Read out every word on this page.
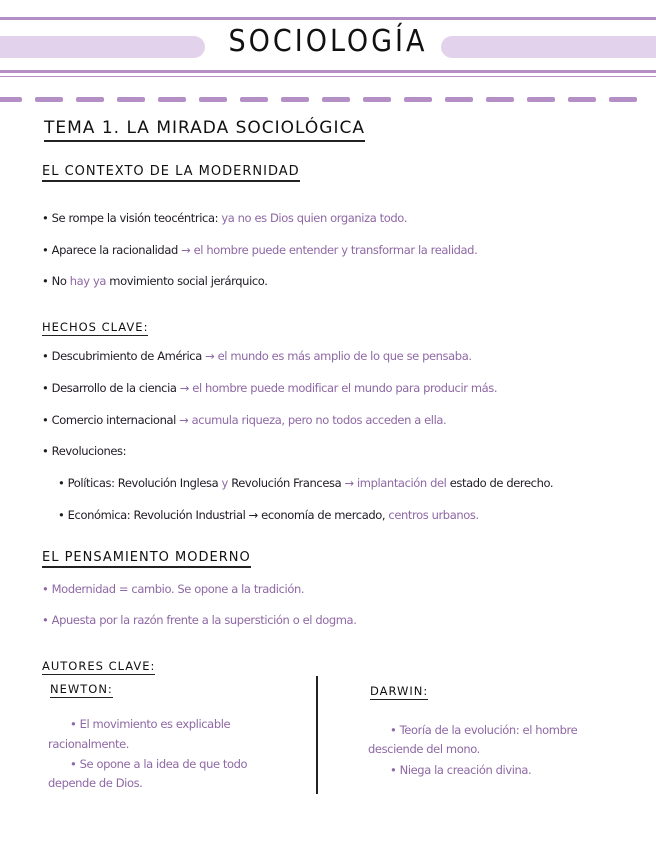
SOCIOLOGÍA
TEMA 1. LA MIRADA SOCIOLÓGICA
EL CONTEXTO DE LA MODERNIDAD
• Se rompe la visión teocéntrica: ya no es Dios quien organiza todo.
• Aparece la racionalidad → el hombre puede entender y transformar la realidad.
• No hay ya movimiento social jerárquico.
HECHOS CLAVE:
• Descubrimiento de América → el mundo es más amplio de lo que se pensaba.
• Desarrollo de la ciencia → el hombre puede modificar el mundo para producir más.
• Comercio internacional → acumula riqueza, pero no todos acceden a ella.
• Revoluciones:
• Políticas: Revolución Inglesa y Revolución Francesa → implantación del estado de derecho.
• Económica: Revolución Industrial → economía de mercado, centros urbanos.
EL PENSAMIENTO MODERNO
• Modernidad = cambio. Se opone a la tradición.
• Apuesta por la razón frente a la superstición o el dogma.
AUTORES CLAVE:
NEWTON:	DARWIN:
• El movimiento es explicable
racionalmente.
• Se opone a la idea de que todo
depende de Dios.
• Teoría de la evolución: el hombre
desciende del mono.
• Niega la creación divina.
